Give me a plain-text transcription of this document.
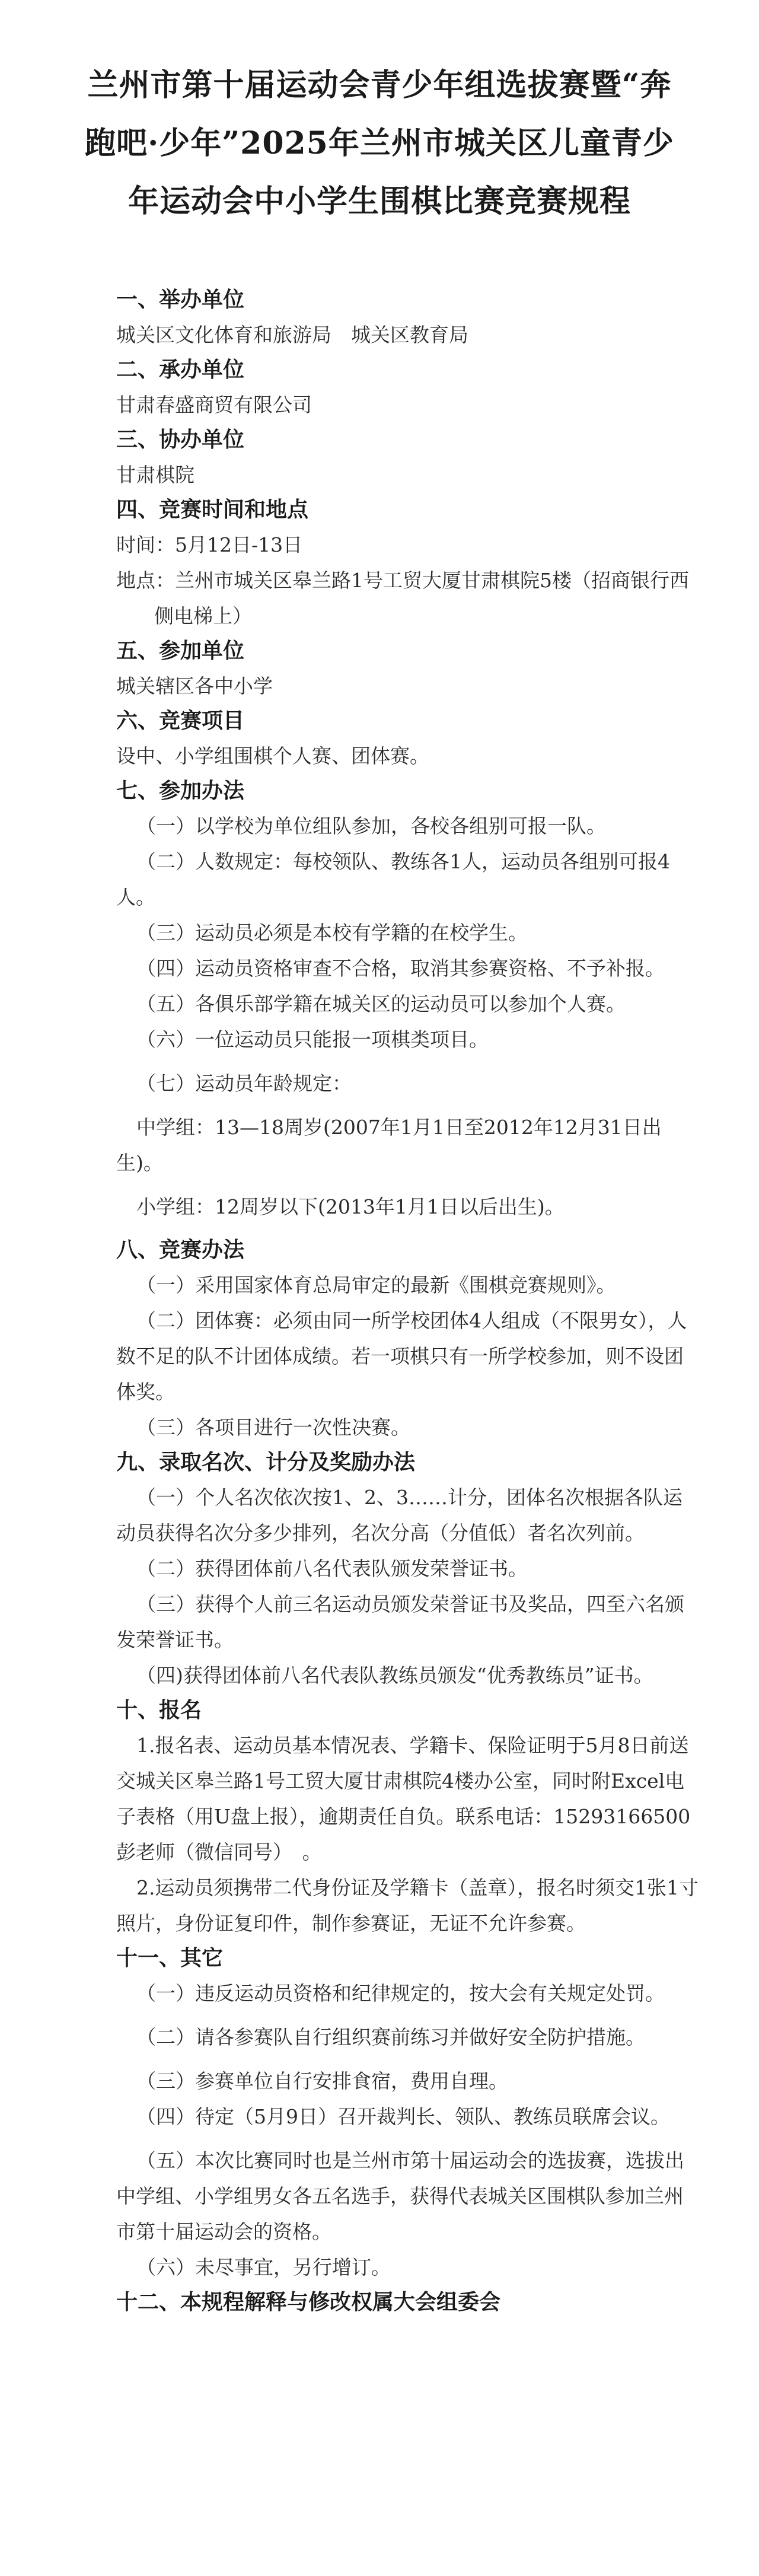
兰州市第十届运动会青少年组选拔赛暨“奔
跑吧·少年”2025年兰州市城关区儿童青少
年运动会中小学生围棋比赛竞赛规程

一、举办单位

城关区文化体育和旅游局　城关区教育局

二、承办单位

甘肃春盛商贸有限公司

三、协办单位

甘肃棋院

四、竞赛时间和地点

时间：5月12日-13日

地点：兰州市城关区皋兰路1号工贸大厦甘肃棋院5楼（招商银行西侧电梯上）

五、参加单位

城关辖区各中小学

六、竞赛项目

设中、小学组围棋个人赛、团体赛。

七、参加办法

（一）以学校为单位组队参加，各校各组别可报一队。

（二）人数规定：每校领队、教练各1人，运动员各组别可报4人。

（三）运动员必须是本校有学籍的在校学生。

（四）运动员资格审查不合格，取消其参赛资格、不予补报。

（五）各俱乐部学籍在城关区的运动员可以参加个人赛。

（六）一位运动员只能报一项棋类项目。

（七）运动员年龄规定：

中学组：13—18周岁(2007年1月1日至2012年12月31日出生)。

小学组：12周岁以下(2013年1月1日以后出生)。

八、竞赛办法

（一）采用国家体育总局审定的最新《围棋竞赛规则》。

（二）团体赛：必须由同一所学校团体4人组成（不限男女），人数不足的队不计团体成绩。若一项棋只有一所学校参加，则不设团体奖。

（三）各项目进行一次性决赛。

九、录取名次、计分及奖励办法

（一）个人名次依次按1、2、3……计分，团体名次根据各队运动员获得名次分多少排列，名次分高（分值低）者名次列前。

（二）获得团体前八名代表队颁发荣誉证书。

（三）获得个人前三名运动员颁发荣誉证书及奖品，四至六名颁发荣誉证书。

（四)获得团体前八名代表队教练员颁发“优秀教练员”证书。

十、报名

1.报名表、运动员基本情况表、学籍卡、保险证明于5月8日前送交城关区皋兰路1号工贸大厦甘肃棋院4楼办公室，同时附Excel电子表格（用U盘上报），逾期责任自负。联系电话：15293166500　彭老师（微信同号）　。

2.运动员须携带二代身份证及学籍卡（盖章），报名时须交1张1寸照片，身份证复印件，制作参赛证，无证不允许参赛。

十一、其它

（一）违反运动员资格和纪律规定的，按大会有关规定处罚。

（二）请各参赛队自行组织赛前练习并做好安全防护措施。

（三）参赛单位自行安排食宿，费用自理。

（四）待定（5月9日）召开裁判长、领队、教练员联席会议。

（五）本次比赛同时也是兰州市第十届运动会的选拔赛，选拔出中学组、小学组男女各五名选手，获得代表城关区围棋队参加兰州市第十届运动会的资格。

（六）未尽事宜，另行增订。

十二、本规程解释与修改权属大会组委会
